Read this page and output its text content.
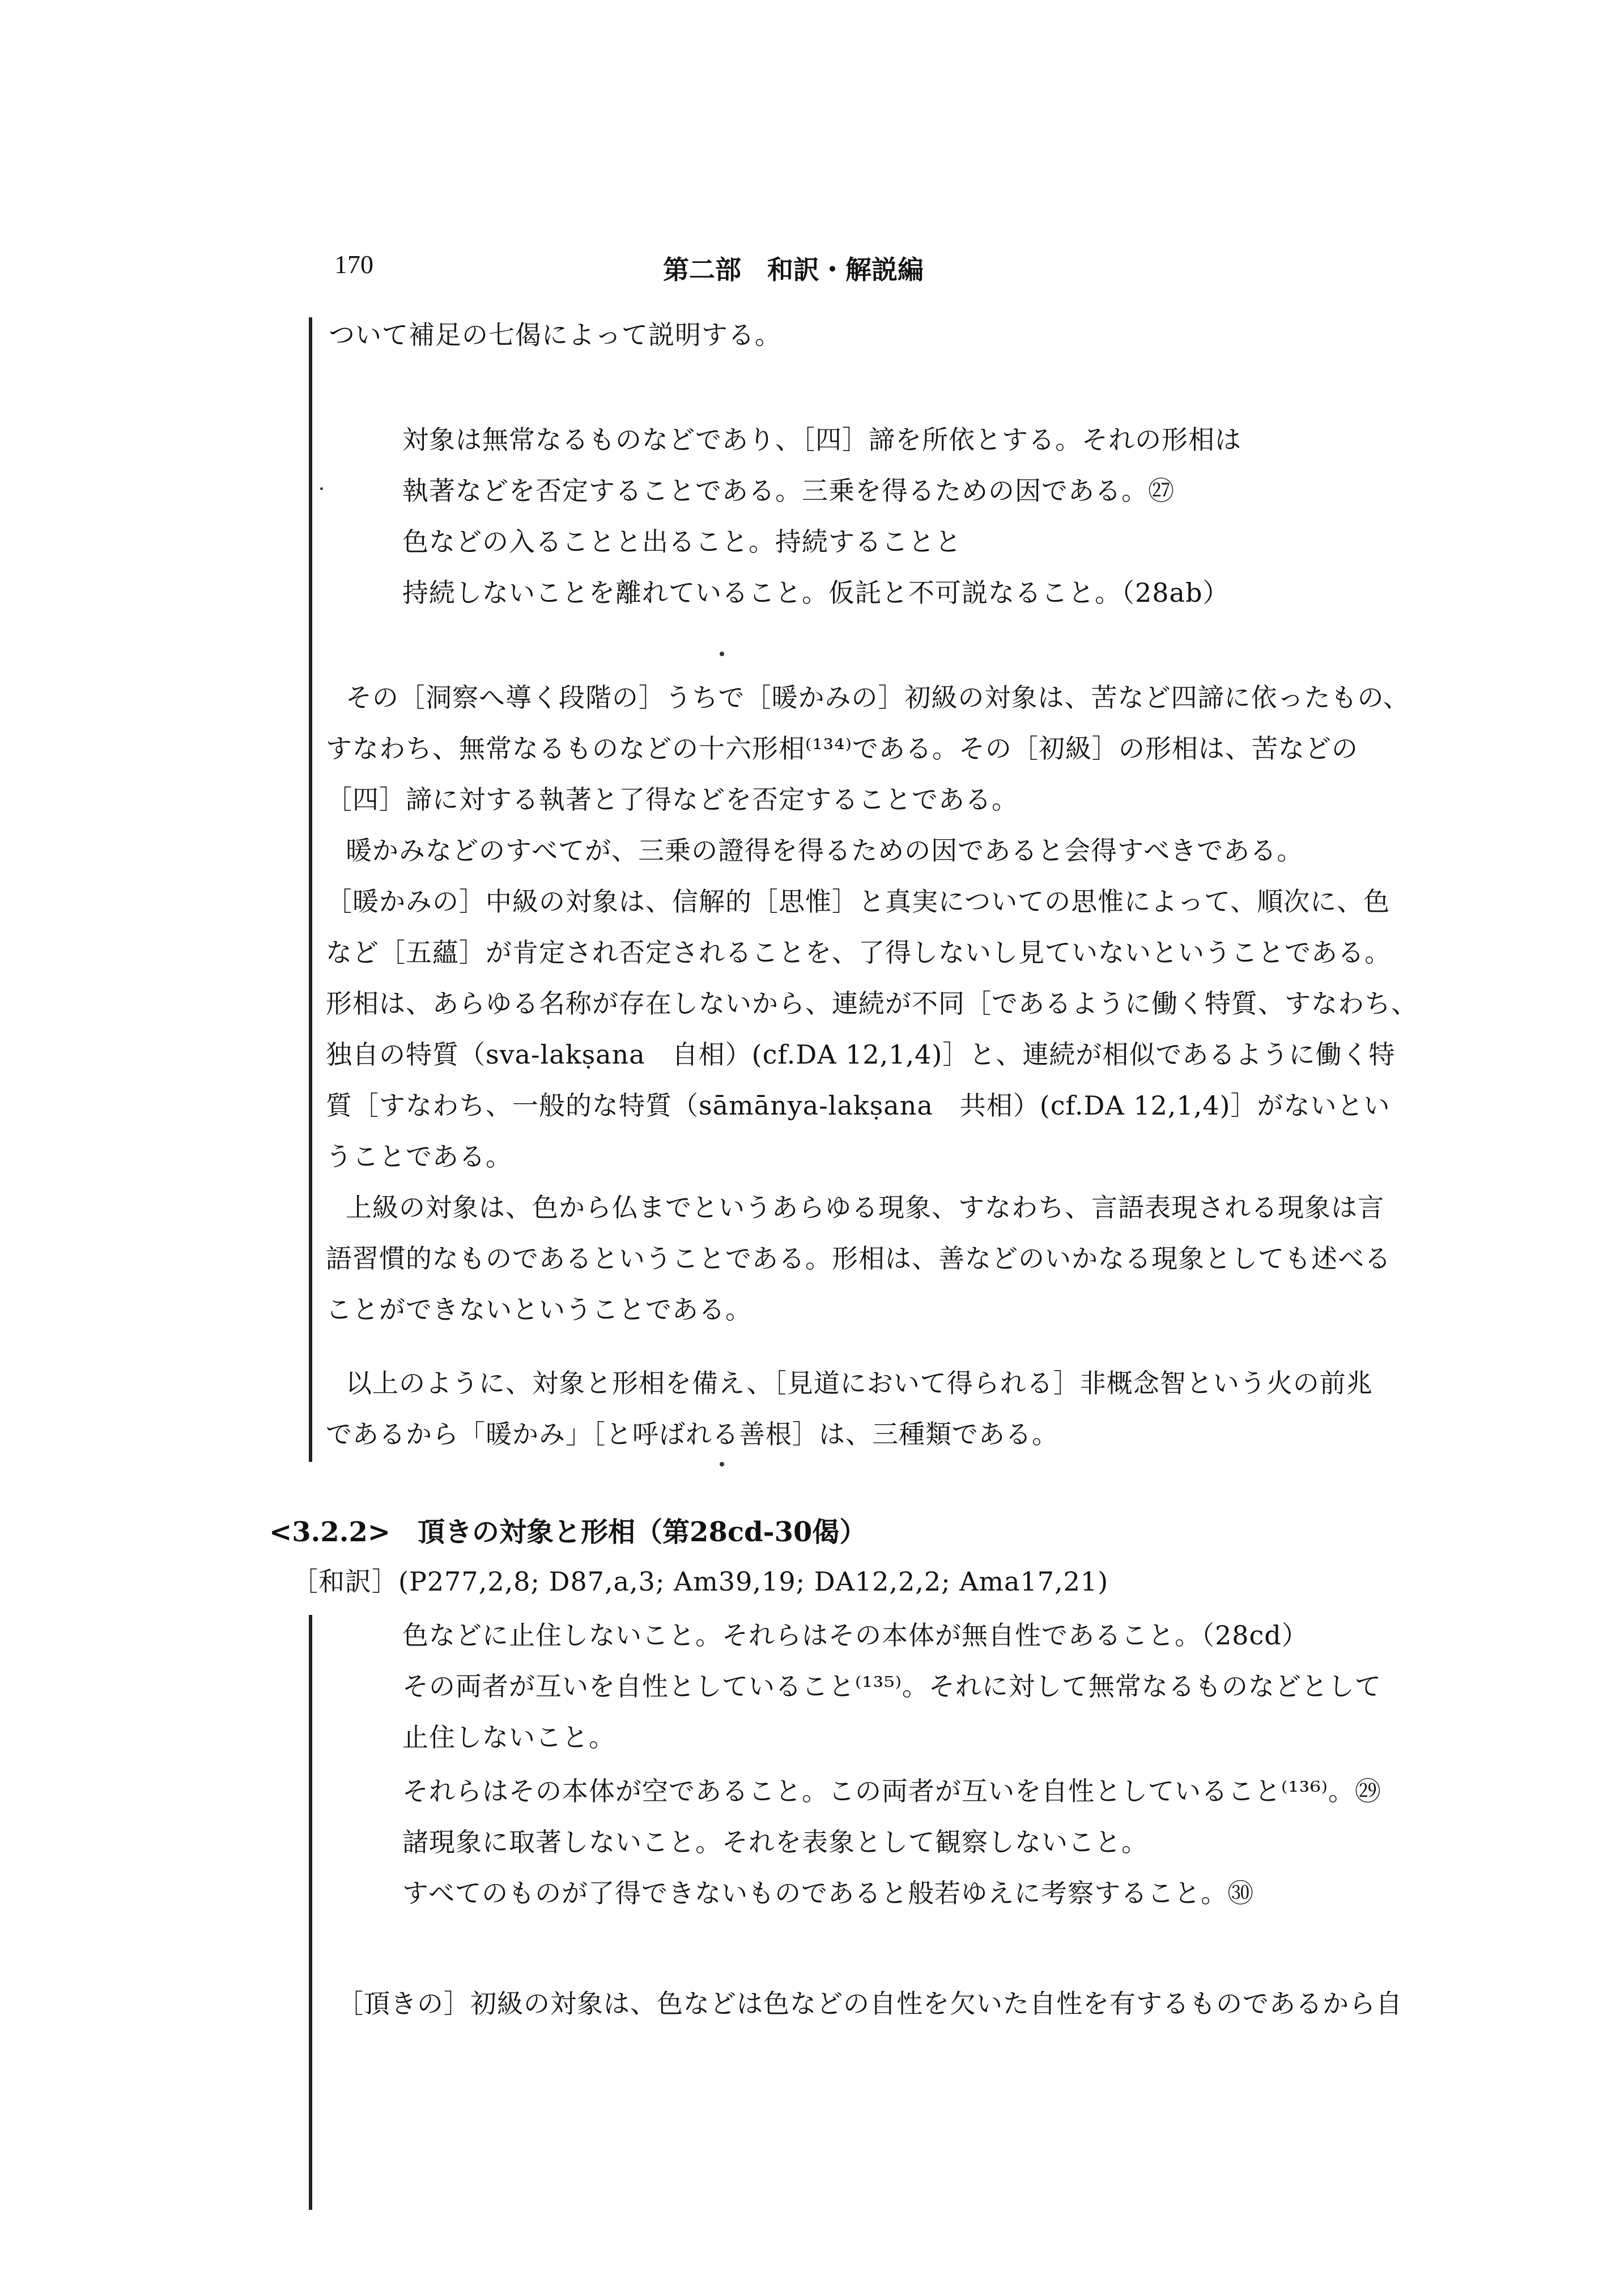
170	第二部　和訳・解説編
ついて補足の七偈によって説明する。
対象は無常なるものなどであり、［四］諦を所依とする。それの形相は
執著などを否定することである。三乗を得るための因である。㉗
色などの入ることと出ること。持続することと
持続しないことを離れていること。仮託と不可説なること。（28ab）
その［洞察へ導く段階の］うちで［暖かみの］初級の対象は、苦など四諦に依ったもの、
すなわち、無常なるものなどの十六形相⁽¹³⁴⁾である。その［初級］の形相は、苦などの
［四］諦に対する執著と了得などを否定することである。
暖かみなどのすべてが、三乗の證得を得るための因であると会得すべきである。
［暖かみの］中級の対象は、信解的［思惟］と真実についての思惟によって、順次に、色
など［五蘊］が肯定され否定されることを、了得しないし見ていないということである。
形相は、あらゆる名称が存在しないから、連続が不同［であるように働く特質、すなわち、
独自の特質（sva-lakṣana　自相）(cf.DA 12,1,4)］と、連続が相似であるように働く特
質［すなわち、一般的な特質（sāmānya-lakṣana　共相）(cf.DA 12,1,4)］がないとい
うことである。
上級の対象は、色から仏までというあらゆる現象、すなわち、言語表現される現象は言
語習慣的なものであるということである。形相は、善などのいかなる現象としても述べる
ことができないということである。
以上のように、対象と形相を備え、［見道において得られる］非概念智という火の前兆
であるから「暖かみ」［と呼ばれる善根］は、三種類である。
<3.2.2>　頂きの対象と形相（第28cd-30偈）
［和訳］(P277,2,8; D87,a,3; Am39,19; DA12,2,2; Ama17,21)
色などに止住しないこと。それらはその本体が無自性であること。（28cd）
その両者が互いを自性としていること⁽¹³⁵⁾。それに対して無常なるものなどとして
止住しないこと。
それらはその本体が空であること。この両者が互いを自性としていること⁽¹³⁶⁾。㉙
諸現象に取著しないこと。それを表象として観察しないこと。
すべてのものが了得できないものであると般若ゆえに考察すること。㉚
［頂きの］初級の対象は、色などは色などの自性を欠いた自性を有するものであるから自
